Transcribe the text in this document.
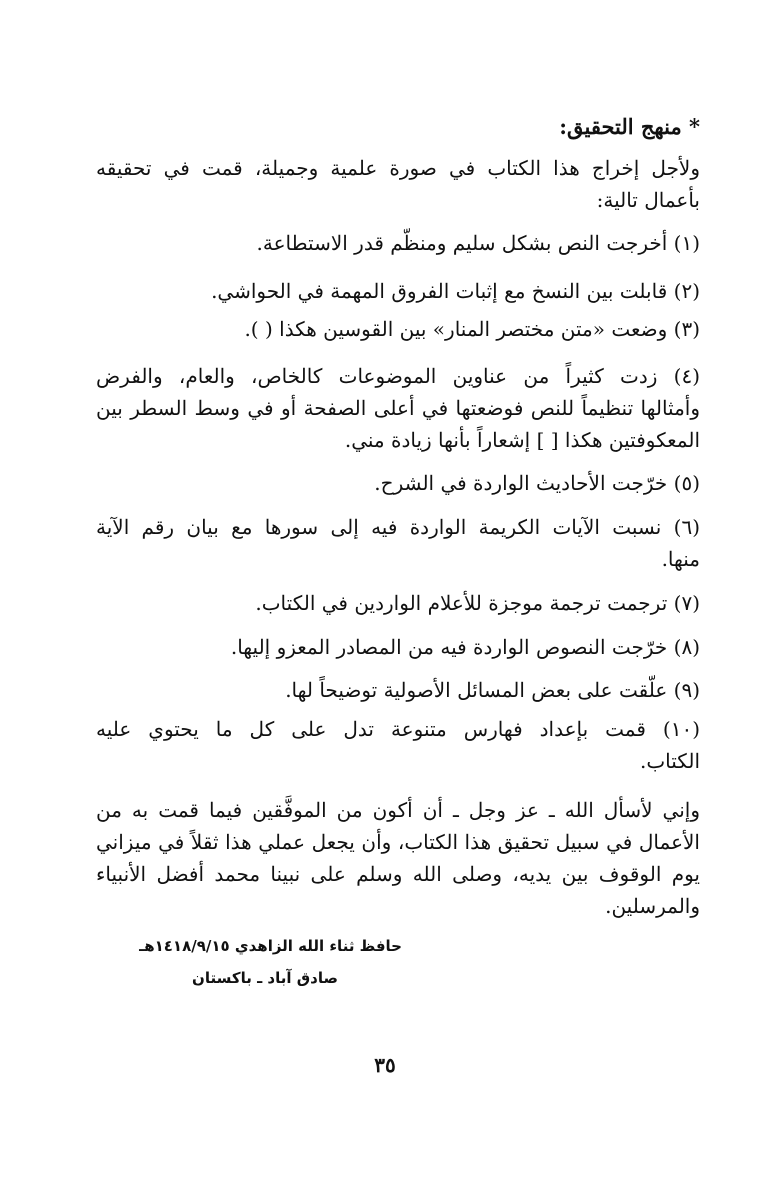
* منهج التحقيق:
ولأجل إخراج هذا الكتاب في صورة علمية وجميلة، قمت في تحقيقه
بأعمال تالية:
(١) أخرجت النص بشكل سليم ومنظّم قدر الاستطاعة.
(٢) قابلت بين النسخ مع إثبات الفروق المهمة في الحواشي.
(٣) وضعت «متن مختصر المنار» بين القوسين هكذا ( ).
(٤) زدت كثيراً من عناوين الموضوعات كالخاص، والعام، والفرض
وأمثالها تنظيماً للنص فوضعتها في أعلى الصفحة أو في وسط السطر بين
المعكوفتين هكذا [ ] إشعاراً بأنها زيادة مني.
(٥) خرّجت الأحاديث الواردة في الشرح.
(٦) نسبت الآيات الكريمة الواردة فيه إلى سورها مع بيان رقم الآية
منها.
(٧) ترجمت ترجمة موجزة للأعلام الواردين في الكتاب.
(٨) خرّجت النصوص الواردة فيه من المصادر المعزو إليها.
(٩) علّقت على بعض المسائل الأصولية توضيحاً لها.
(١٠) قمت بإعداد فهارس متنوعة تدل على كل ما يحتوي عليه
الكتاب.
وإني لأسأل الله ـ عز وجل ـ أن أكون من الموفَّقين فيما قمت به من
الأعمال في سبيل تحقيق هذا الكتاب، وأن يجعل عملي هذا ثقلاً في ميزاني
يوم الوقوف بين يديه، وصلى الله وسلم على نبينا محمد أفضل الأنبياء
والمرسلين.
حافظ ثناء الله الزاهدي ١٤١٨/٩/١٥هـ
صادق آباد ـ باكستان
٣٥
